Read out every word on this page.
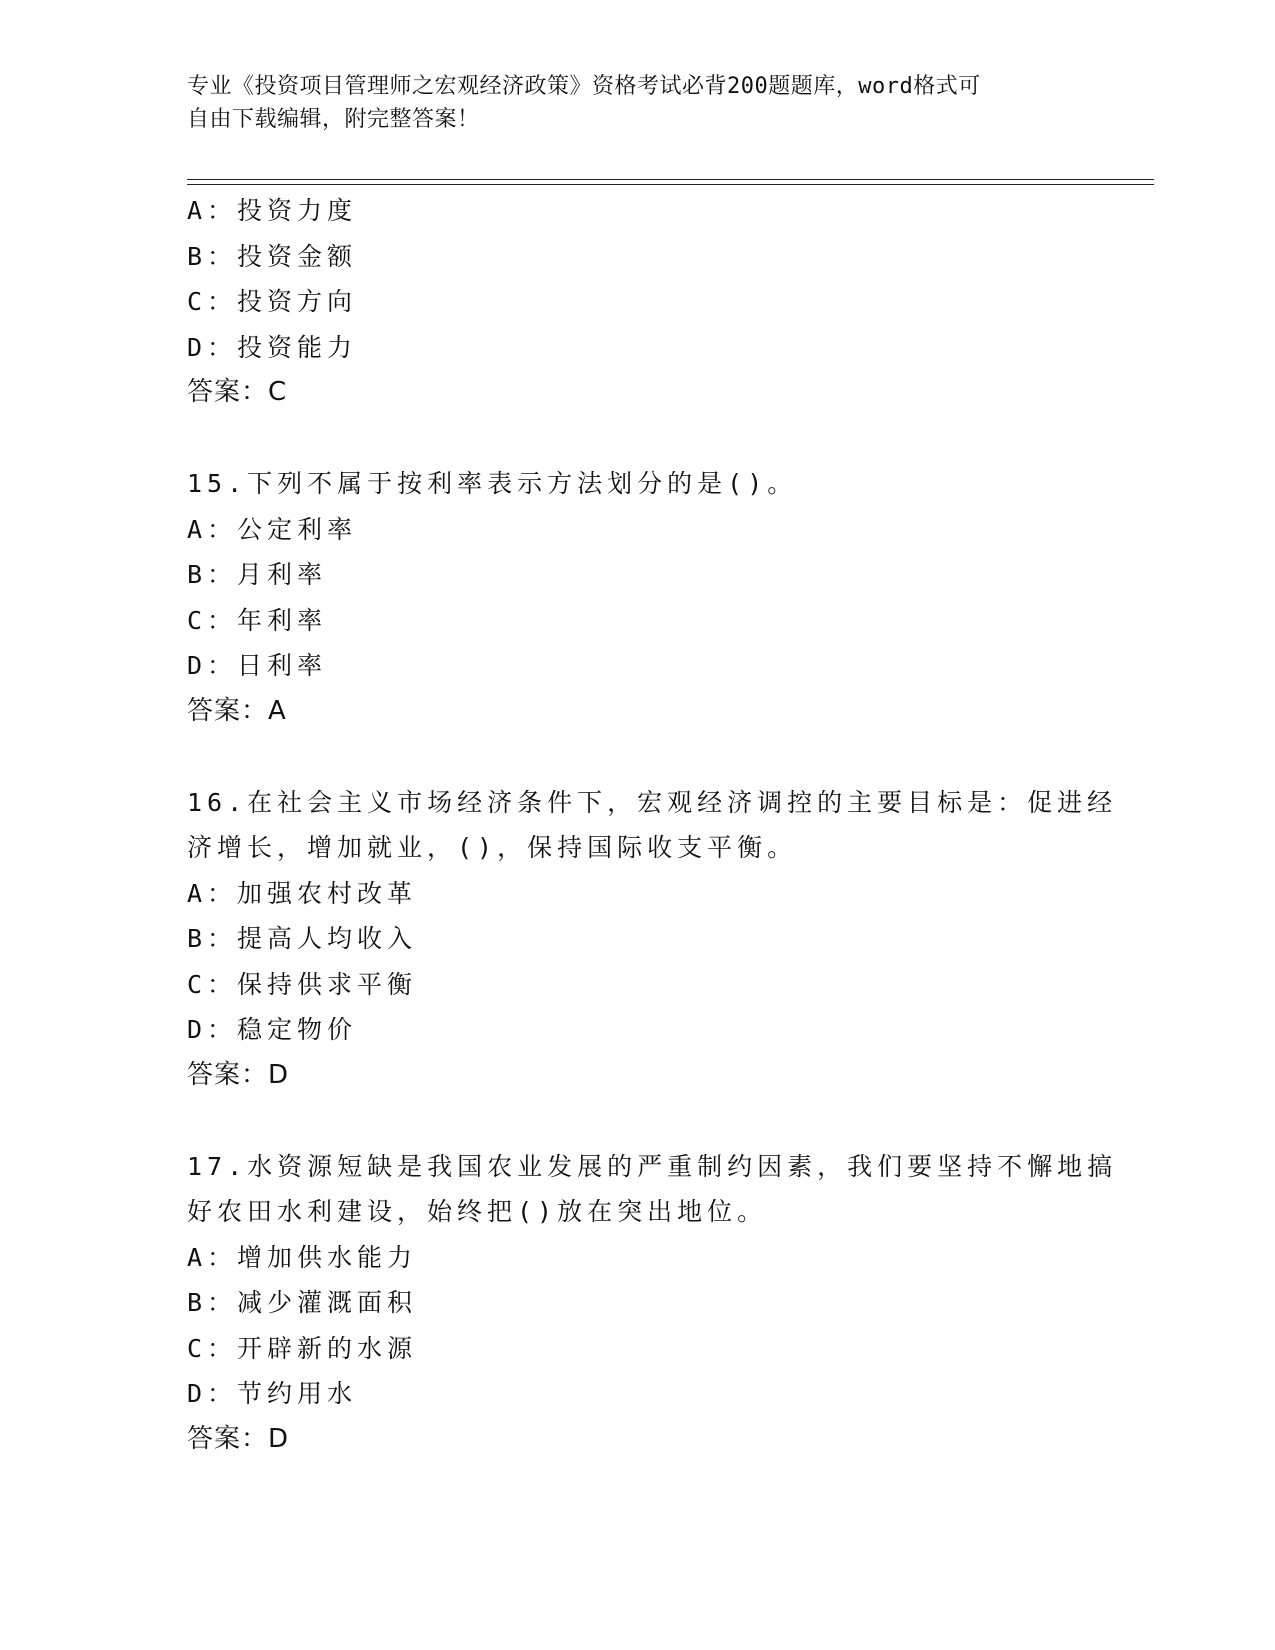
专业《投资项目管理师之宏观经济政策》资格考试必背200题题库，word格式可
自由下载编辑，附完整答案！
A：投资力度
B：投资金额
C：投资方向
D：投资能力
答案：C
15.下列不属于按利率表示方法划分的是()。
A：公定利率
B：月利率
C：年利率
D：日利率
答案：A
16.在社会主义市场经济条件下，宏观经济调控的主要目标是：促进经
济增长，增加就业，()，保持国际收支平衡。
A：加强农村改革
B：提高人均收入
C：保持供求平衡
D：稳定物价
答案：D
17.水资源短缺是我国农业发展的严重制约因素，我们要坚持不懈地搞
好农田水利建设，始终把()放在突出地位。
A：增加供水能力
B：减少灌溉面积
C：开辟新的水源
D：节约用水
答案：D
